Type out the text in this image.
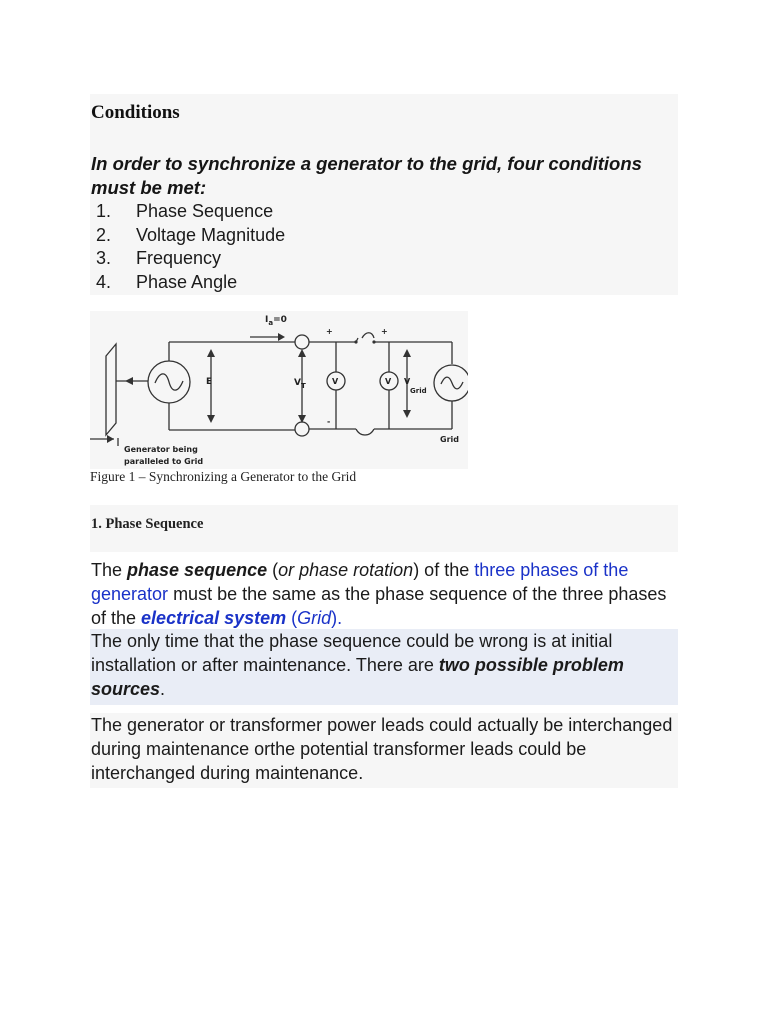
Conditions
In order to synchronize a generator to the grid, four conditions must be met:
1. Phase Sequence
2. Voltage Magnitude
3. Frequency
4. Phase Angle
$I_a=0$
E	$V_T$	V	V VGrid
+	+
-
Generator being
paralleled to Grid
Grid
Figure 1 – Synchronizing a Generator to the Grid
1. Phase Sequence
The phase sequence (or phase rotation) of the three phases of the generator must be the same as the phase sequence of the three phases of the electrical system (Grid).
The only time that the phase sequence could be wrong is at initial installation or after maintenance. There are two possible problem sources.
The generator or transformer power leads could actually be interchanged during maintenance orthe potential transformer leads could be interchanged during maintenance.
